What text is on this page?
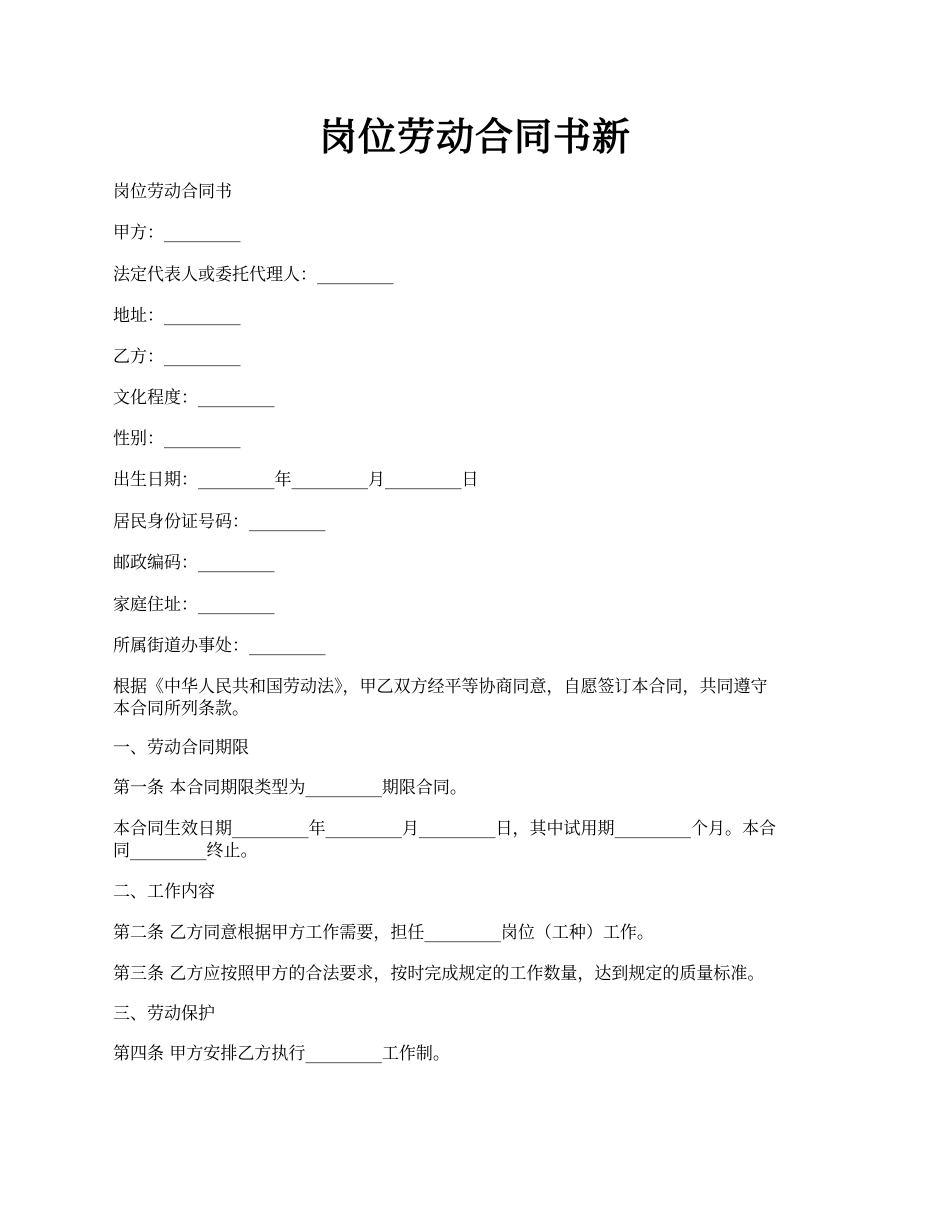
岗位劳动合同书新
岗位劳动合同书
甲方：_________
法定代表人或委托代理人：_________
地址：_________
乙方：_________
文化程度：_________
性别：_________
出生日期：_________年_________月_________日
居民身份证号码：_________
邮政编码：_________
家庭住址：_________
所属街道办事处：_________
根据《中华人民共和国劳动法》，甲乙双方经平等协商同意，自愿签订本合同，共同遵守
本合同所列条款。
一、劳动合同期限
第一条 本合同期限类型为_________期限合同。
本合同生效日期_________年_________月_________日，其中试用期_________个月。本合
同_________终止。
二、工作内容
第二条 乙方同意根据甲方工作需要，担任_________岗位（工种）工作。
第三条 乙方应按照甲方的合法要求，按时完成规定的工作数量，达到规定的质量标准。
三、劳动保护
第四条 甲方安排乙方执行_________工作制。
